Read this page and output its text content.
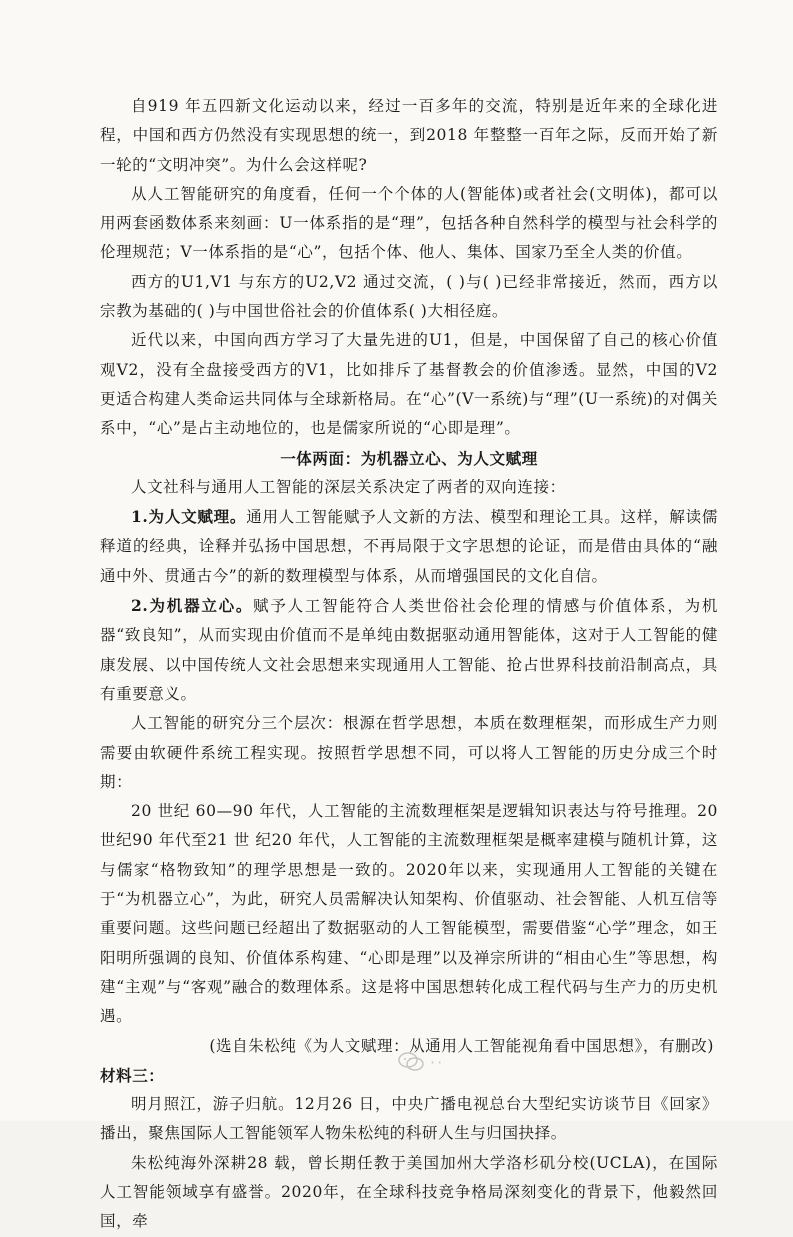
自919 年五四新文化运动以来，经过一百多年的交流，特别是近年来的全球化进程，中国和西方仍然没有实现思想的统一，到2018 年整整一百年之际，反而开始了新一轮的“文明冲突”。为什么会这样呢?

从人工智能研究的角度看，任何一个个体的人(智能体)或者社会(文明体)，都可以用两套函数体系来刻画：U一体系指的是“理”，包括各种自然科学的模型与社会科学的伦理规范；V一体系指的是“心”，包括个体、他人、集体、国家乃至全人类的价值。

西方的U1,V1 与东方的U2,V2 通过交流，( )与( )已经非常接近，然而，西方以宗教为基础的( )与中国世俗社会的价值体系( )大相径庭。

近代以来，中国向西方学习了大量先进的U1，但是，中国保留了自己的核心价值观V2，没有全盘接受西方的V1，比如排斥了基督教会的价值渗透。显然，中国的V2 更适合构建人类命运共同体与全球新格局。在“心”(V一系统)与“理”(U一系统)的对偶关系中，“心”是占主动地位的，也是儒家所说的“心即是理”。

一体两面：为机器立心、为人文赋理

人文社科与通用人工智能的深层关系决定了两者的双向连接：

1.为人文赋理。通用人工智能赋予人文新的方法、模型和理论工具。这样，解读儒释道的经典，诠释并弘扬中国思想，不再局限于文字思想的论证，而是借由具体的“融通中外、贯通古今”的新的数理模型与体系，从而增强国民的文化自信。

2.为机器立心。赋予人工智能符合人类世俗社会伦理的情感与价值体系，为机器“致良知”，从而实现由价值而不是单纯由数据驱动通用智能体，这对于人工智能的健康发展、以中国传统人文社会思想来实现通用人工智能、抢占世界科技前沿制高点，具有重要意义。

人工智能的研究分三个层次：根源在哲学思想，本质在数理框架，而形成生产力则需要由软硬件系统工程实现。按照哲学思想不同，可以将人工智能的历史分成三个时期：

20 世纪 60—90 年代，人工智能的主流数理框架是逻辑知识表达与符号推理。20世纪90 年代至21 世 纪20 年代，人工智能的主流数理框架是概率建模与随机计算，这与儒家“格物致知”的理学思想是一致的。2020年以来，实现通用人工智能的关键在于“为机器立心”，为此，研究人员需解决认知架构、价值驱动、社会智能、人机互信等重要问题。这些问题已经超出了数据驱动的人工智能模型，需要借鉴“心学”理念，如王阳明所强调的良知、价值体系构建、“心即是理”以及禅宗所讲的“相由心生”等思想，构建“主观”与“客观”融合的数理体系。这是将中国思想转化成工程代码与生产力的历史机遇。

(选自朱松纯《为人文赋理：从通用人工智能视角看中国思想》，有删改)

材料三：

明月照江，游子归航。12月26 日，中央广播电视总台大型纪实访谈节目《回家》播出，聚焦国际人工智能领军人物朱松纯的科研人生与归国抉择。

朱松纯海外深耕28 载，曾长期任教于美国加州大学洛杉矶分校(UCLA)，在国际人工智能领域享有盛誉。2020年，在全球科技竞争格局深刻变化的背景下，他毅然回国，牵

··
